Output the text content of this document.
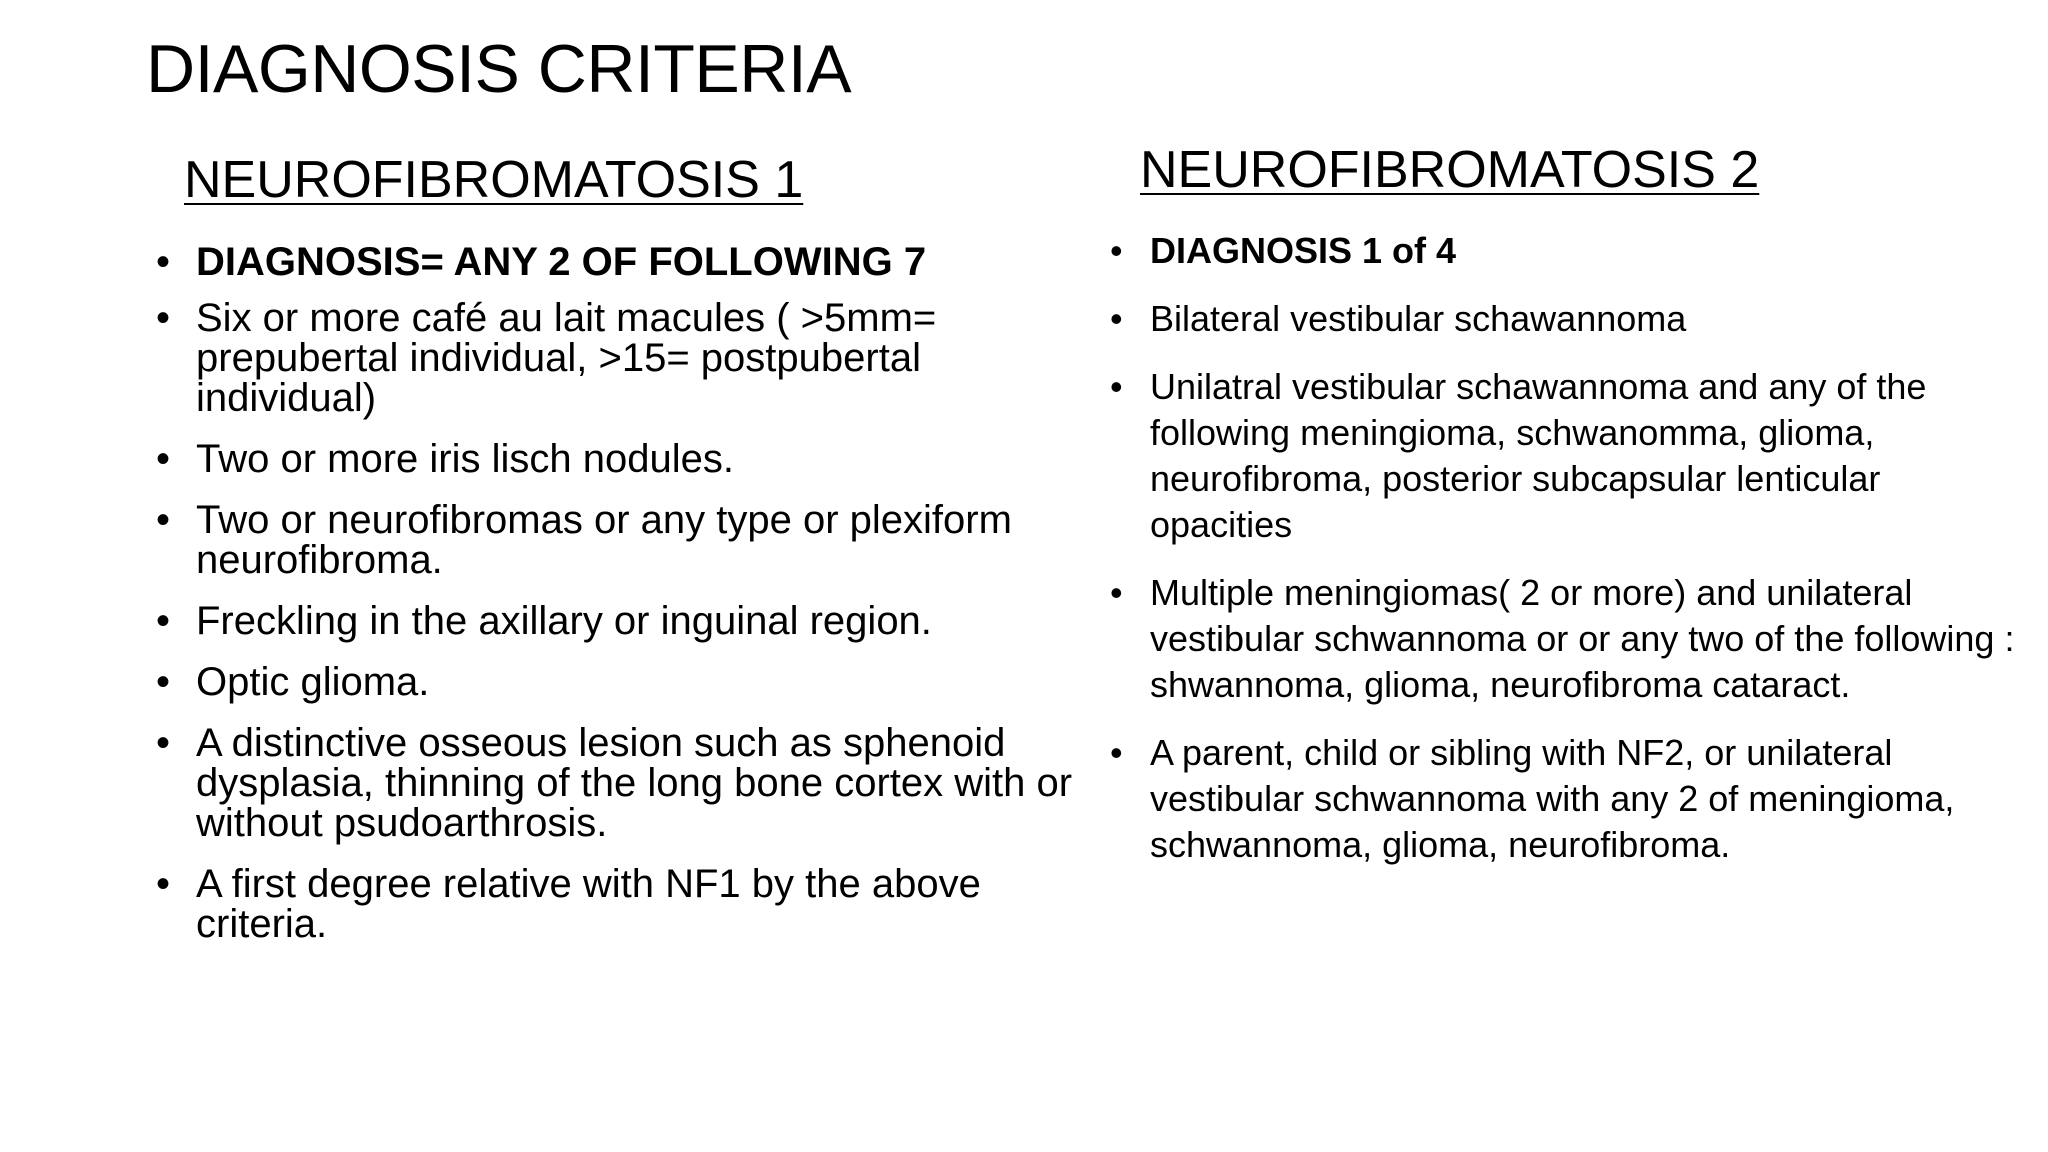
DIAGNOSIS CRITERIA
NEUROFIBROMATOSIS 1
• DIAGNOSIS= ANY 2 OF FOLLOWING 7
• Six or more café au lait macules ( >5mm= prepubertal individual, >15= postpubertal individual)
• Two or more iris lisch nodules.
• Two or neurofibromas or any type or plexiform neurofibroma.
• Freckling in the axillary or inguinal region.
• Optic glioma.
• A distinctive osseous lesion such as sphenoid dysplasia, thinning of the long bone cortex with or without psudoarthrosis.
• A first degree relative with NF1 by the above criteria.
NEUROFIBROMATOSIS 2
• DIAGNOSIS 1 of 4
• Bilateral vestibular schawannoma
• Unilatral vestibular schawannoma and any of the following meningioma, schwanomma, glioma, neurofibroma, posterior subcapsular lenticular opacities
• Multiple meningiomas( 2 or more) and unilateral vestibular schwannoma or or any two of the following : shwannoma, glioma, neurofibroma cataract.
• A parent, child or sibling with NF2, or unilateral vestibular schwannoma with any 2 of meningioma, schwannoma, glioma, neurofibroma.
